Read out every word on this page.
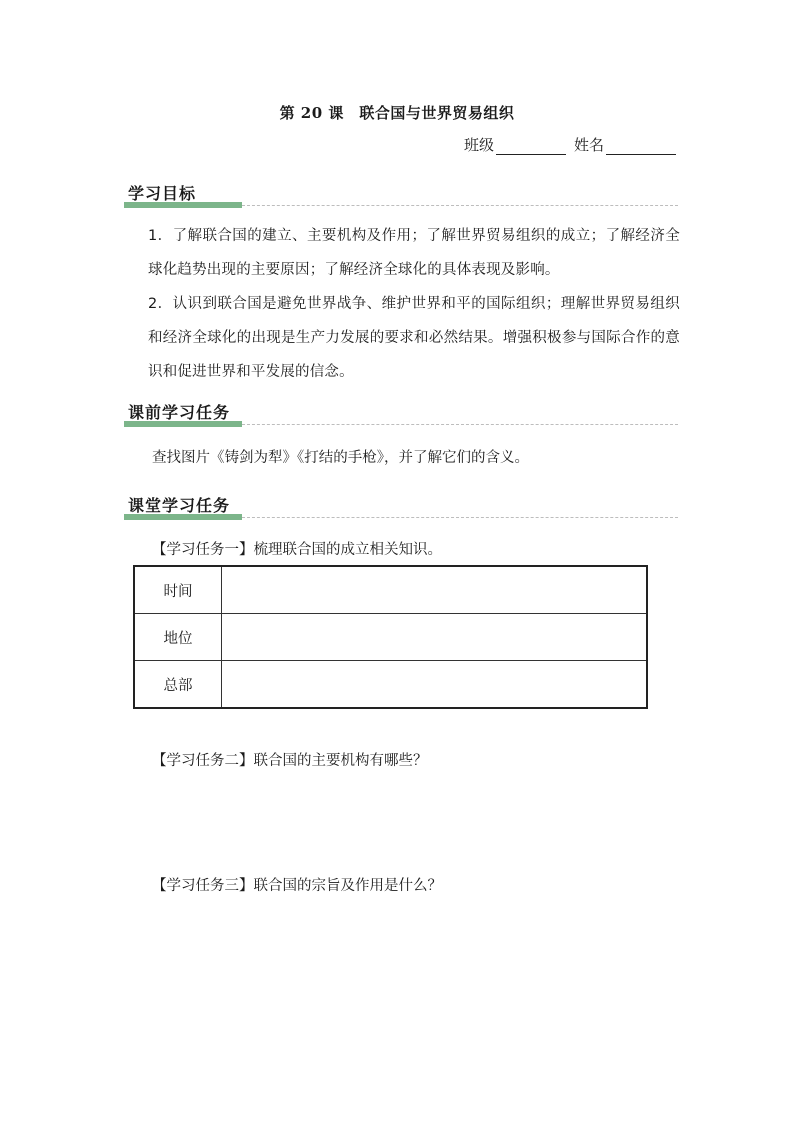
第 20 课　联合国与世界贸易组织
班级	姓名
学习目标
1．了解联合国的建立、主要机构及作用；了解世界贸易组织的成立；了解经济全球化趋势出现的主要原因；了解经济全球化的具体表现及影响。
2．认识到联合国是避免世界战争、维护世界和平的国际组织；理解世界贸易组织和经济全球化的出现是生产力发展的要求和必然结果。增强积极参与国际合作的意识和促进世界和平发展的信念。
课前学习任务
查找图片《铸剑为犁》《打结的手枪》，并了解它们的含义。
课堂学习任务
【学习任务一】梳理联合国的成立相关知识。
时间	
地位	
总部	
【学习任务二】联合国的主要机构有哪些？
【学习任务三】联合国的宗旨及作用是什么？
